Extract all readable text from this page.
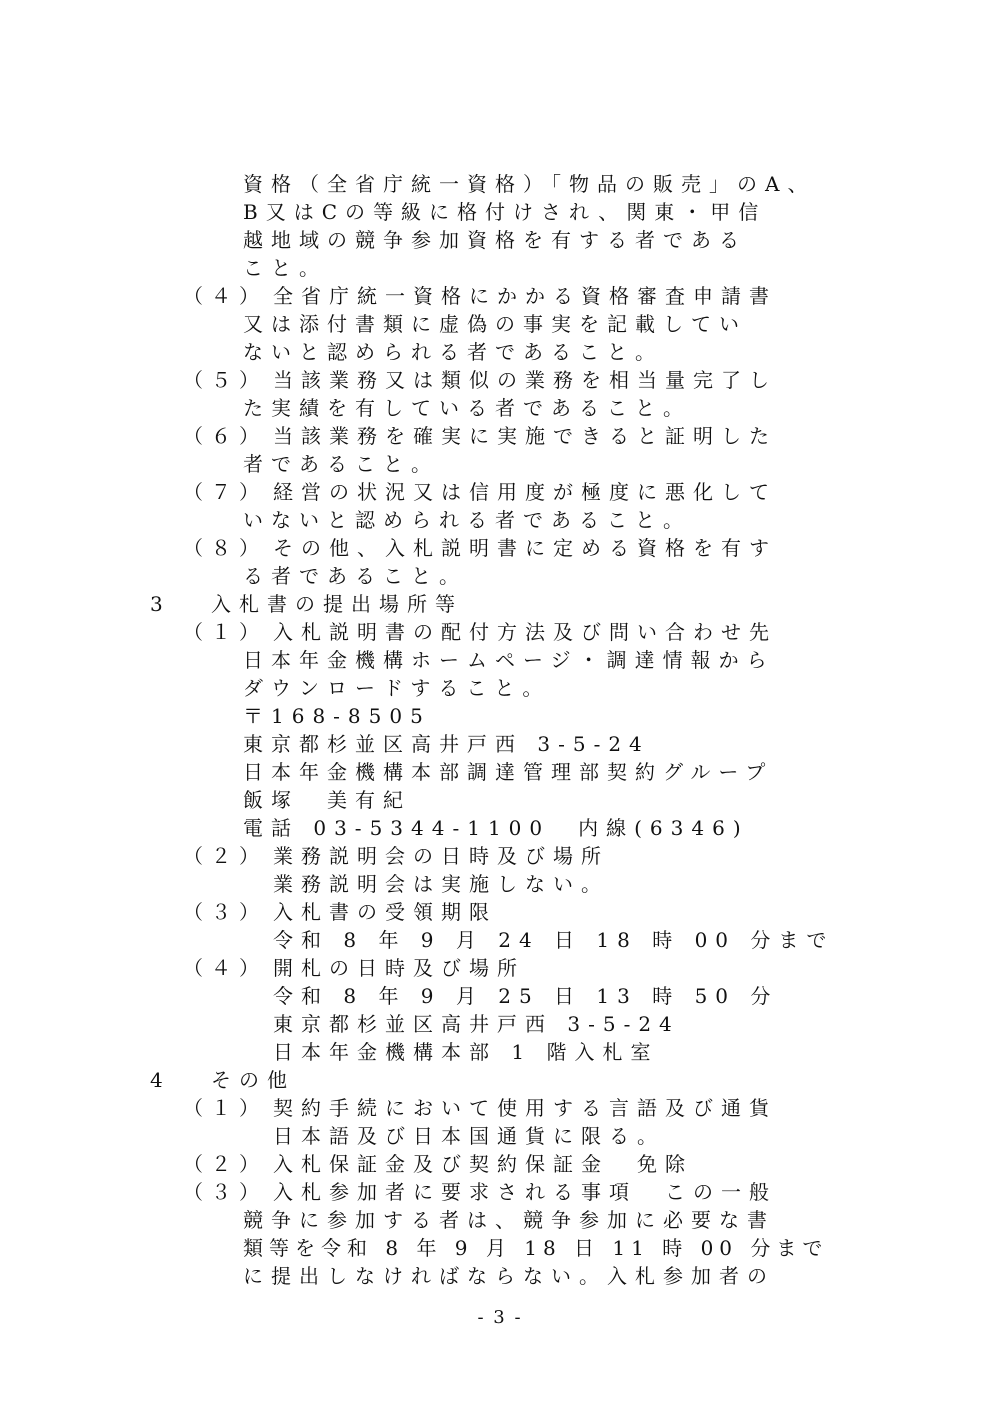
資格（全省庁統一資格）「物品の販売」のA、
B又はCの等級に格付けされ、関東・甲信
越地域の競争参加資格を有する者である
こと。
（４） 全省庁統一資格にかかる資格審査申請書
又は添付書類に虚偽の事実を記載してい
ないと認められる者であること。
（５） 当該業務又は類似の業務を相当量完了し
た実績を有している者であること。
（６） 当該業務を確実に実施できると証明した
者であること。
（７） 経営の状況又は信用度が極度に悪化して
いないと認められる者であること。
（８） その他、入札説明書に定める資格を有す
る者であること。
3 入札書の提出場所等
（１） 入札説明書の配付方法及び問い合わせ先
日本年金機構ホームページ・調達情報から
ダウンロードすること。
〒168-8505
東京都杉並区高井戸西 3-5-24
日本年金機構本部調達管理部契約グループ
飯塚　美有紀
電話 03-5344-1100　内線(6346)
（２） 業務説明会の日時及び場所
業務説明会は実施しない。
（３） 入札書の受領期限
令和 8 年 9 月 24 日 18 時 00 分まで
（４） 開札の日時及び場所
令和 8 年 9 月 25 日 13 時 50 分
東京都杉並区高井戸西 3-5-24
日本年金機構本部 1 階入札室
4 その他
（１） 契約手続において使用する言語及び通貨
日本語及び日本国通貨に限る。
（２） 入札保証金及び契約保証金　免除
（３） 入札参加者に要求される事項　この一般
競争に参加する者は、競争参加に必要な書
類等を令和 8 年 9 月 18 日 11 時 00 分まで
に提出しなければならない。入札参加者の
- 3 -
